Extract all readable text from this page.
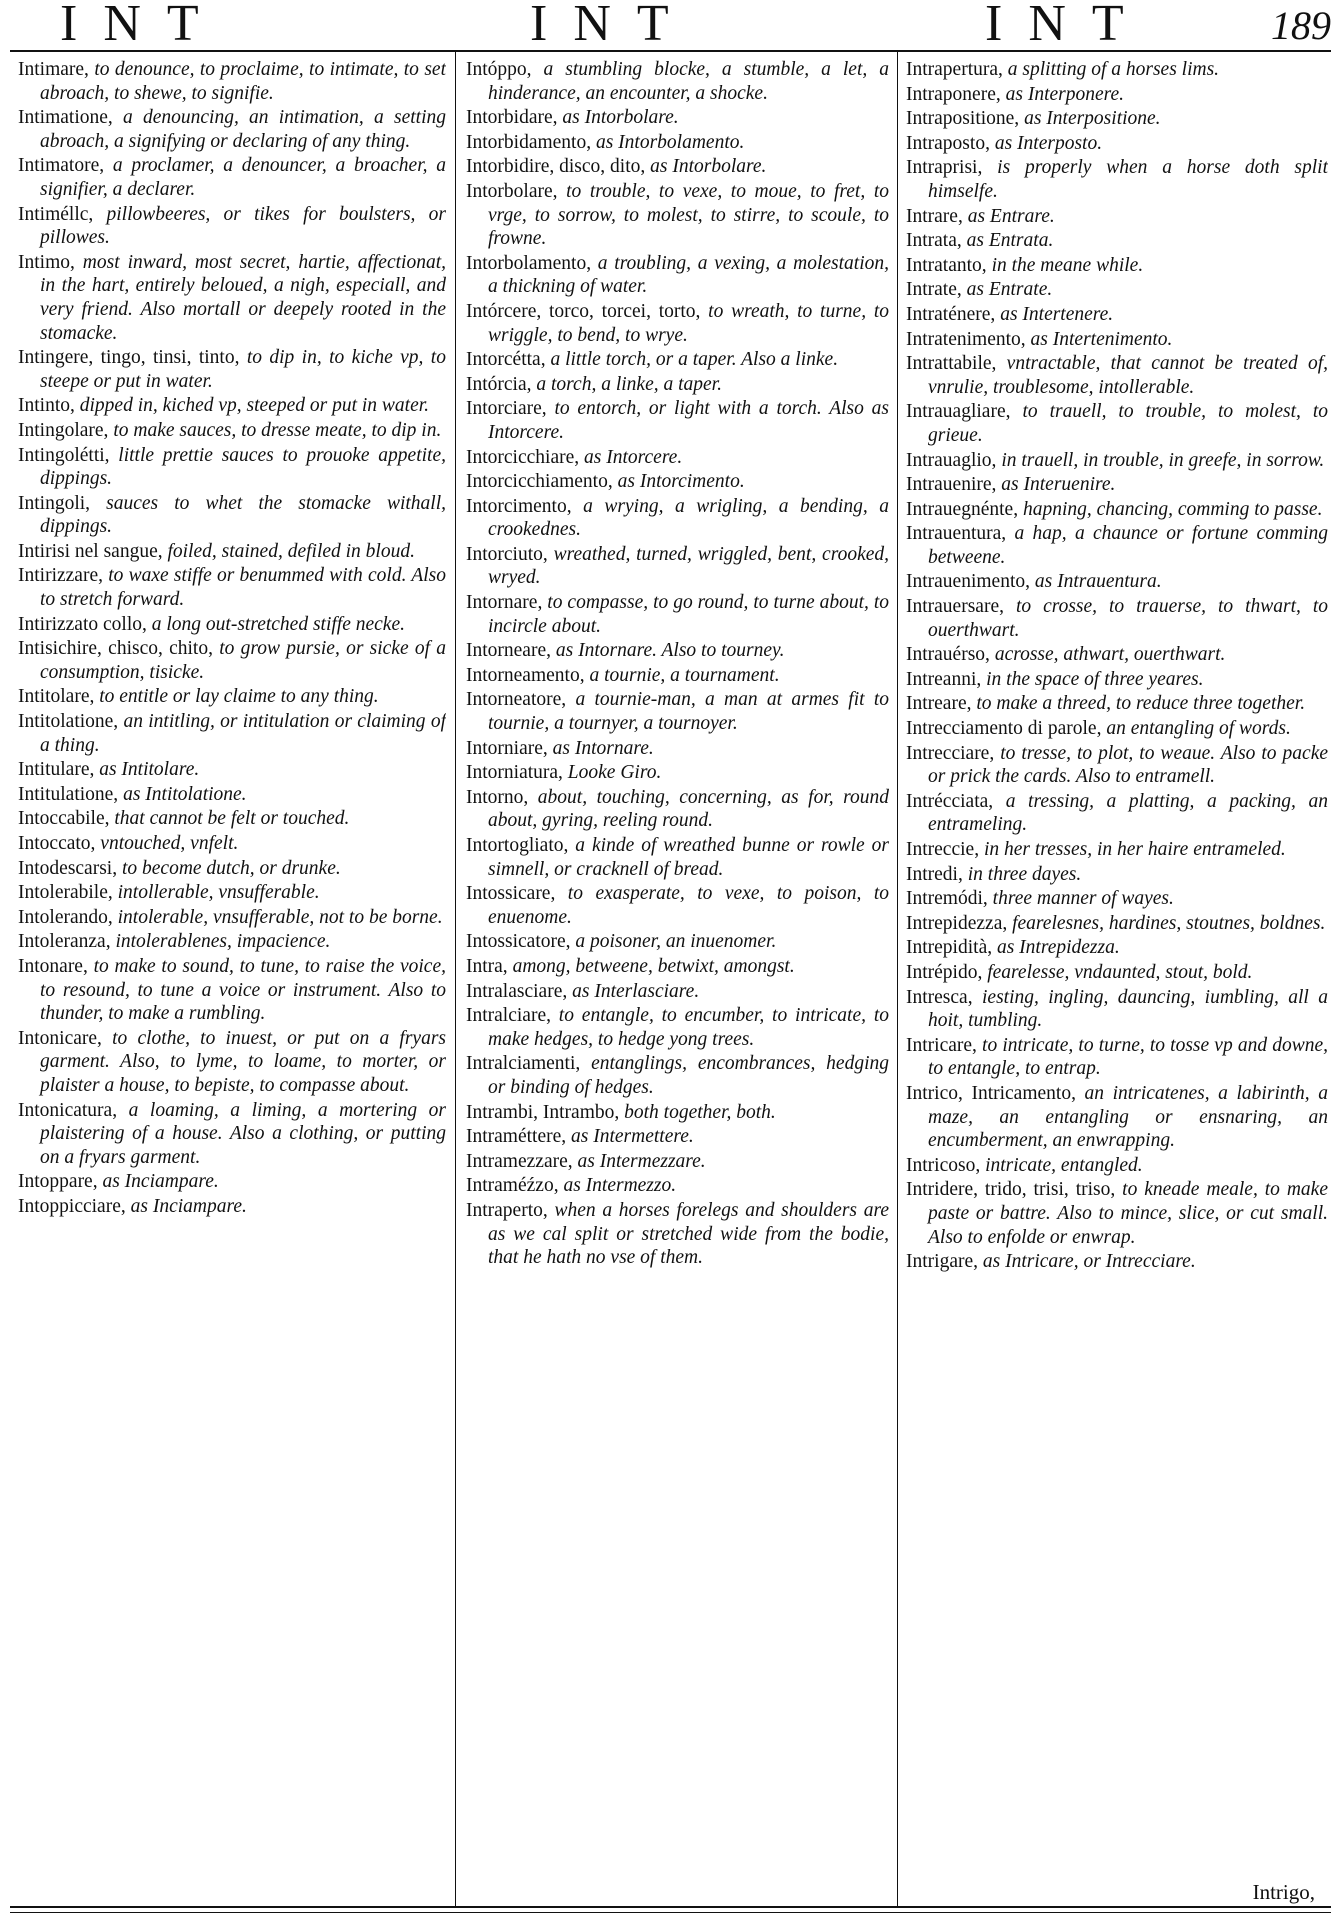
INT	INT	INT	189
Intimare, to denounce, to proclaime, to intimate, to set abroach, to shewe, to signifie.
Intimatione, a denouncing, an intimation, a setting abroach, a signifying or declaring of any thing.
Intimatore, a proclamer, a denouncer, a broacher, a signifier, a declarer.
Intiméllc, pillowbeeres, or tikes for boulsters, or pillowes.
Intimo, most inward, most secret, hartie, affectionat, in the hart, entirely beloued, a nigh, especiall, and very friend. Also mortall or deepely rooted in the stomacke.
Intingere, tingo, tinsi, tinto, to dip in, to kiche vp, to steepe or put in water.
Intinto, dipped in, kiched vp, steeped or put in water.
Intingolare, to make sauces, to dresse meate, to dip in.
Intingolétti, little prettie sauces to prouoke appetite, dippings.
Intingoli, sauces to whet the stomacke withall, dippings.
Intirisi nel sangue, foiled, stained, defiled in bloud.
Intirizzare, to waxe stiffe or benummed with cold. Also to stretch forward.
Intirizzato collo, a long out-stretched stiffe necke.
Intisichire, chisco, chito, to grow pursie, or sicke of a consumption, tisicke.
Intitolare, to entitle or lay claime to any thing.
Intitolatione, an intitling, or intitulation or claiming of a thing.
Intitulare, as Intitolare.
Intitulatione, as Intitolatione.
Intoccabile, that cannot be felt or touched.
Intoccato, vntouched, vnfelt.
Intodescarsi, to become dutch, or drunke.
Intolerabile, intollerable, vnsufferable.
Intolerando, intolerable, vnsufferable, not to be borne.
Intoleranza, intolerablenes, impacience.
Intonare, to make to sound, to tune, to raise the voice, to resound, to tune a voice or instrument. Also to thunder, to make a rumbling.
Intonicare, to clothe, to inuest, or put on a fryars garment. Also, to lyme, to loame, to morter, or plaister a house, to bepiste, to compasse about.
Intonicatura, a loaming, a liming, a mortering or plaistering of a house. Also a clothing, or putting on a fryars garment.
Intoppare, as Inciampare.
Intoppicciare, as Inciampare.
Intóppo, a stumbling blocke, a stumble, a let, a hinderance, an encounter, a shocke.
Intorbidare, as Intorbolare.
Intorbidamento, as Intorbolamento.
Intorbidire, disco, dito, as Intorbolare.
Intorbolare, to trouble, to vexe, to moue, to fret, to vrge, to sorrow, to molest, to stirre, to scoule, to frowne.
Intorbolamento, a troubling, a vexing, a molestation, a thickning of water.
Intórcere, torco, torcei, torto, to wreath, to turne, to wriggle, to bend, to wrye.
Intorcétta, a little torch, or a taper. Also a linke.
Intórcia, a torch, a linke, a taper.
Intorciare, to entorch, or light with a torch. Also as Intorcere.
Intorcicchiare, as Intorcere.
Intorcicchiamento, as Intorcimento.
Intorcimento, a wrying, a wrigling, a bending, a crookednes.
Intorciuto, wreathed, turned, wriggled, bent, crooked, wryed.
Intornare, to compasse, to go round, to turne about, to incircle about.
Intorneare, as Intornare. Also to tourney.
Intorneamento, a tournie, a tournament.
Intorneatore, a tournie-man, a man at armes fit to tournie, a tournyer, a tournoyer.
Intorniare, as Intornare.
Intorniatura, Looke Giro.
Intorno, about, touching, concerning, as for, round about, gyring, reeling round.
Intortogliato, a kinde of wreathed bunne or rowle or simnell, or cracknell of bread.
Intossicare, to exasperate, to vexe, to poison, to enuenome.
Intossicatore, a poisoner, an inuenomer.
Intra, among, betweene, betwixt, amongst.
Intralasciare, as Interlasciare.
Intralciare, to entangle, to encumber, to intricate, to make hedges, to hedge yong trees.
Intralciamenti, entanglings, encombrances, hedging or binding of hedges.
Intrambi, Intrambo, both together, both.
Intraméttere, as Intermettere.
Intramezzare, as Intermezzare.
Intraméźzo, as Intermezzo.
Intraperto, when a horses forelegs and shoulders are as we cal split or stretched wide from the bodie, that he hath no vse of them.
Intrapertura, a splitting of a horses lims.
Intraponere, as Interponere.
Intrapositione, as Interpositione.
Intraposto, as Interposto.
Intraprisi, is properly when a horse doth split himselfe.
Intrare, as Entrare.
Intrata, as Entrata.
Intratanto, in the meane while.
Intrate, as Entrate.
Intraténere, as Intertenere.
Intratenimento, as Intertenimento.
Intrattabile, vntractable, that cannot be treated of, vnrulie, troublesome, intollerable.
Intrauagliare, to trauell, to trouble, to molest, to grieue.
Intrauaglio, in trauell, in trouble, in greefe, in sorrow.
Intrauenire, as Interuenire.
Intrauegnénte, hapning, chancing, comming to passe.
Intrauentura, a hap, a chaunce or fortune comming betweene.
Intrauenimento, as Intrauentura.
Intrauersare, to crosse, to trauerse, to thwart, to ouerthwart.
Intrauérso, acrosse, athwart, ouerthwart.
Intreanni, in the space of three yeares.
Intreare, to make a threed, to reduce three together.
Intrecciamento di parole, an entangling of words.
Intrecciare, to tresse, to plot, to weaue. Also to packe or prick the cards. Also to entramell.
Intrécciata, a tressing, a platting, a packing, an entrameling.
Intreccie, in her tresses, in her haire entrameled.
Intredi, in three dayes.
Intremódi, three manner of wayes.
Intrepidezza, fearelesnes, hardines, stoutnes, boldnes.
Intrepidità, as Intrepidezza.
Intrépido, fearelesse, vndaunted, stout, bold.
Intresca, iesting, ingling, dauncing, iumbling, all a hoit, tumbling.
Intricare, to intricate, to turne, to tosse vp and downe, to entangle, to entrap.
Intrico, Intricamento, an intricatenes, a labirinth, a maze, an entangling or ensnaring, an encumberment, an enwrapping.
Intricoso, intricate, entangled.
Intridere, trido, trisi, triso, to kneade meale, to make paste or battre. Also to mince, slice, or cut small. Also to enfolde or enwrap.
Intrigare, as Intricare, or Intrecciare.
Intrigo,
